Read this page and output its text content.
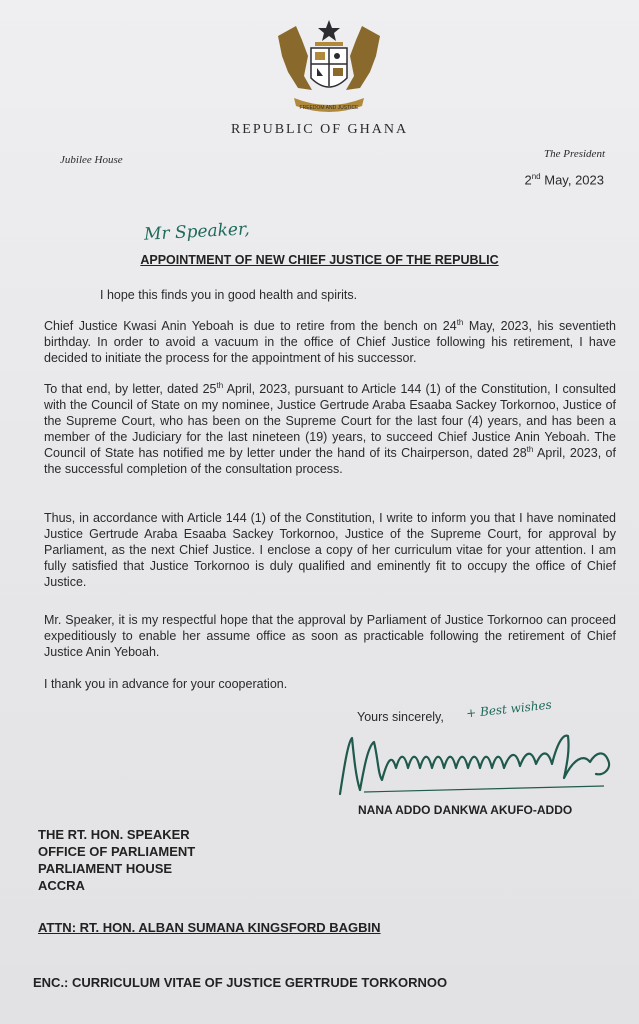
FREEDOM AND JUSTICE
REPUBLIC OF GHANA
Jubilee House	The President
2nd May, 2023
Mr Speaker,
APPOINTMENT OF NEW CHIEF JUSTICE OF THE REPUBLIC
I hope this finds you in good health and spirits.
Chief Justice Kwasi Anin Yeboah is due to retire from the bench on 24th May, 2023, his seventieth birthday. In order to avoid a vacuum in the office of Chief Justice following his retirement, I have decided to initiate the process for the appointment of his successor.
To that end, by letter, dated 25th April, 2023, pursuant to Article 144 (1) of the Constitution, I consulted with the Council of State on my nominee, Justice Gertrude Araba Esaaba Sackey Torkornoo, Justice of the Supreme Court, who has been on the Supreme Court for the last four (4) years, and has been a member of the Judiciary for the last nineteen (19) years, to succeed Chief Justice Anin Yeboah. The Council of State has notified me by letter under the hand of its Chairperson, dated 28th April, 2023, of the successful completion of the consultation process.
Thus, in accordance with Article 144 (1) of the Constitution, I write to inform you that I have nominated Justice Gertrude Araba Esaaba Sackey Torkornoo, Justice of the Supreme Court, for approval by Parliament, as the next Chief Justice. I enclose a copy of her curriculum vitae for your attention. I am fully satisfied that Justice Torkornoo is duly qualified and eminently fit to occupy the office of Chief Justice.
Mr. Speaker, it is my respectful hope that the approval by Parliament of Justice Torkornoo can proceed expeditiously to enable her assume office as soon as practicable following the retirement of Chief Justice Anin Yeboah.
I thank you in advance for your cooperation.
Yours sincerely, + Best wishes
NANA ADDO DANKWA AKUFO-ADDO
THE RT. HON. SPEAKER
OFFICE OF PARLIAMENT
PARLIAMENT HOUSE
ACCRA
ATTN: RT. HON. ALBAN SUMANA KINGSFORD BAGBIN
ENC.: CURRICULUM VITAE OF JUSTICE GERTRUDE TORKORNOO
